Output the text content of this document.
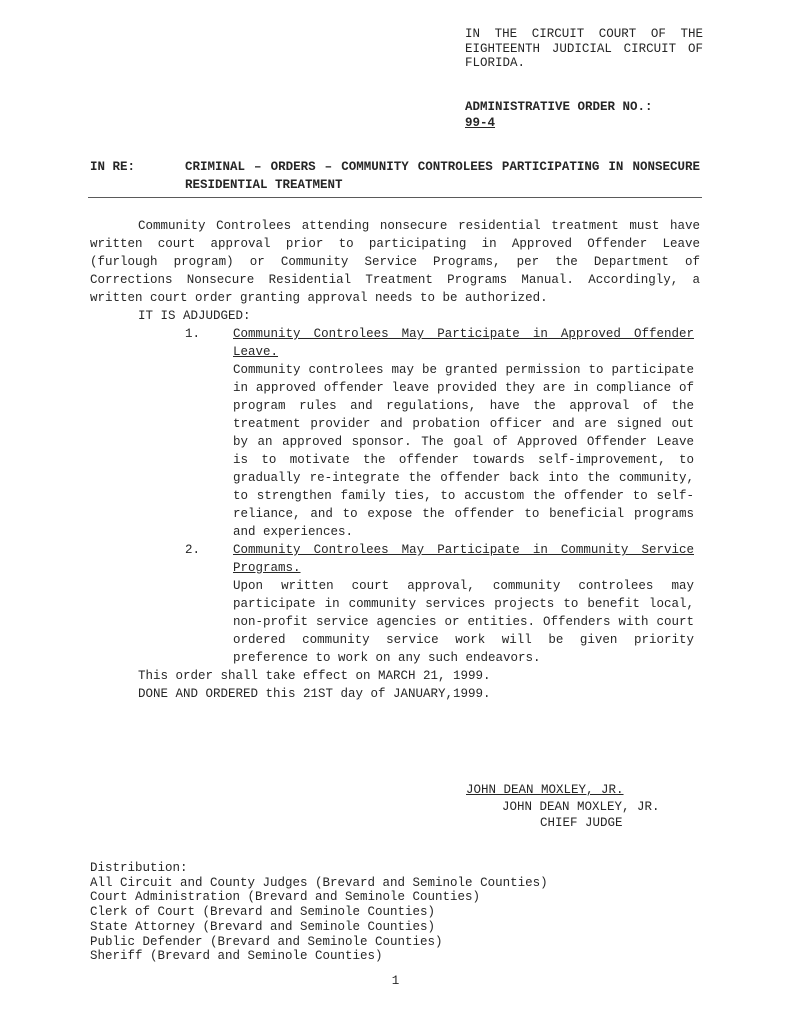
IN THE CIRCUIT COURT OF THE EIGHTEENTH JUDICIAL CIRCUIT OF FLORIDA.
ADMINISTRATIVE ORDER NO.:
99-4
IN RE:	CRIMINAL – ORDERS – COMMUNITY CONTROLEES PARTICIPATING IN NONSECURE RESIDENTIAL TREATMENT

Community Controlees attending nonsecure residential treatment must have written court approval prior to participating in Approved Offender Leave (furlough program) or Community Service Programs, per the Department of Corrections Nonsecure Residential Treatment Programs Manual. Accordingly, a written court order granting approval needs to be authorized.

IT IS ADJUDGED:

1.	Community Controlees May Participate in Approved Offender Leave.

Community controlees may be granted permission to participate in approved offender leave provided they are in compliance of program rules and regulations, have the approval of the treatment provider and probation officer and are signed out by an approved sponsor. The goal of Approved Offender Leave is to motivate the offender towards self-improvement, to gradually re-integrate the offender back into the community, to strengthen family ties, to accustom the offender to self-reliance, and to expose the offender to beneficial programs and experiences.

2.	Community Controlees May Participate in Community Service Programs.

Upon written court approval, community controlees may participate in community services projects to benefit local, non-profit service agencies or entities. Offenders with court ordered community service work will be given priority preference to work on any such endeavors.

This order shall take effect on MARCH 21, 1999.

DONE AND ORDERED this 21ST day of JANUARY,1999.

JOHN DEAN MOXLEY, JR.
JOHN DEAN MOXLEY, JR.
CHIEF JUDGE
Distribution:
All Circuit and County Judges (Brevard and Seminole Counties)
Court Administration (Brevard and Seminole Counties)
Clerk of Court (Brevard and Seminole Counties)
State Attorney (Brevard and Seminole Counties)
Public Defender (Brevard and Seminole Counties)
Sheriff (Brevard and Seminole Counties)
1
